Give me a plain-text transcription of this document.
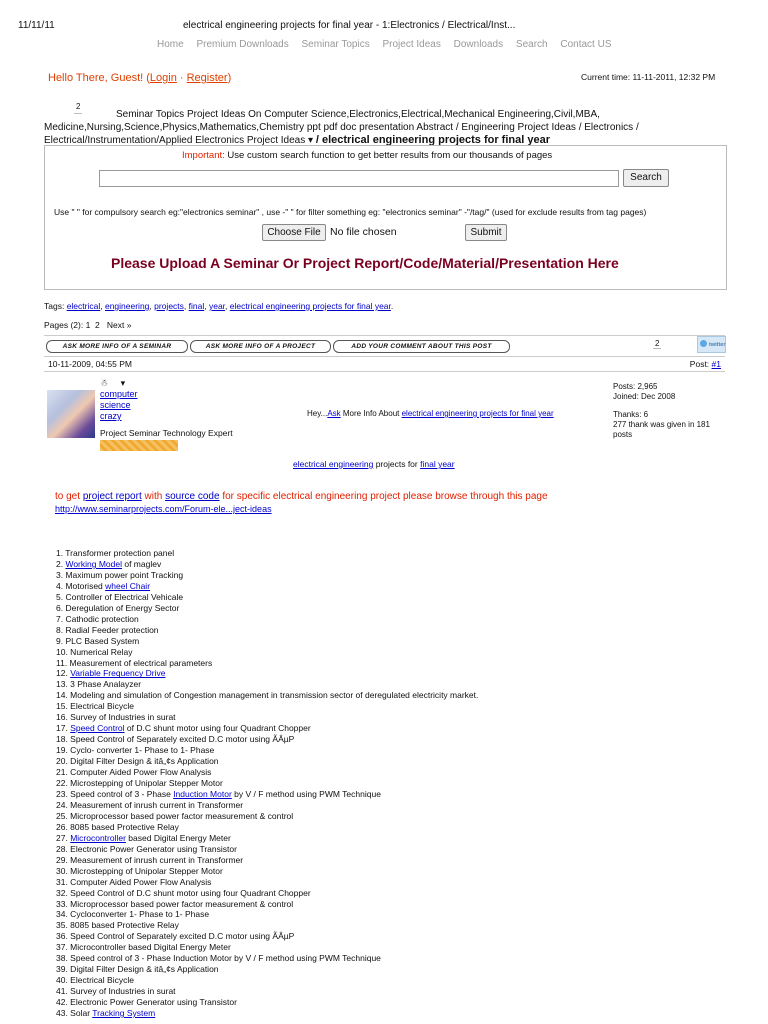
11/11/11	electrical engineering projects for final year - 1:Electronics / Electrical/Inst...
Home Premium Downloads Seminar Topics Project Ideas Downloads Search Contact US
Hello There, Guest! (Login · Register)	Current time: 11-11-2011, 12:32 PM
2
Seminar Topics Project Ideas On Computer Science,Electronics,Electrical,Mechanical Engineering,Civil,MBA, Medicine,Nursing,Science,Physics,Mathematics,Chemistry ppt pdf doc presentation Abstract / Engineering Project Ideas / Electronics / Electrical/Instrumentation/Applied Electronics Project Ideas ▾ / electrical engineering projects for final year
Important: Use custom search function to get better results from our thousands of pages
Search
Use " " for compulsory search eg:"electronics seminar" , use -" " for filter something eg: "electronics seminar" -"/tag/" (used for exclude results from tag pages)
Choose File No file chosen	Submit
Please Upload A Seminar Or Project Report/Code/Material/Presentation Here
Tags: electrical, engineering, projects, final, year, electrical engineering projects for final year.
Pages (2): 1 2 Next »
ASK MORE INFO OF A SEMINAR	ASK MORE INFO OF A PROJECT	ADD YOUR COMMENT ABOUT THIS POST	2	twitter
10-11-2009, 04:55 PM	Post: #1
☃ ▾
computer
science
crazy
Project Seminar Technology Expert
Hey...Ask More Info About electrical engineering projects for final year
Posts: 2,965
Joined: Dec 2008
Thanks: 6
277 thank was given in 181 posts
electrical engineering projects for final year
to get project report with source code for specific electrical engineering project please browse through this page
http://www.seminarprojects.com/Forum-ele...ject-ideas
1. Transformer protection panel
2. Working Model of maglev
3. Maximum power point Tracking
4. Motorised wheel Chair
5. Controller of Electrical Vehicale
6. Deregulation of Energy Sector
7. Cathodic protection
8. Radial Feeder protection
9. PLC Based System
10. Numerical Relay
11. Measurement of electrical parameters
12. Variable Frequency Drive
13. 3 Phase Analayzer
14. Modeling and simulation of Congestion management in transmission sector of deregulated electricity market.
15. Electrical Bicycle
16. Survey of Industries in surat
17. Speed Control of D.C shunt motor using four Quadrant Chopper
18. Speed Control of Separately excited D.C motor using ÃÂµP
19. Cyclo- converter 1- Phase to 1- Phase
20. Digital Filter Design & itâ„¢s Application
21. Computer Aided Power Flow Analysis
22. Microstepping of Unipolar Stepper Motor
23. Speed control of 3 - Phase Induction Motor by V / F method using PWM Technique
24. Measurement of inrush current in Transformer
25. Microprocessor based power factor measurement & control
26. 8085 based Protective Relay
27. Microcontroller based Digital Energy Meter
28. Electronic Power Generator using Transistor
29. Measurement of inrush current in Transformer
30. Microstepping of Unipolar Stepper Motor
31. Computer Aided Power Flow Analysis
32. Speed Control of D.C shunt motor using four Quadrant Chopper
33. Microprocessor based power factor measurement & control
34. Cycloconverter 1- Phase to 1- Phase
35. 8085 based Protective Relay
36. Speed Control of Separately excited D.C motor using ÃÂµP
37. Microcontroller based Digital Energy Meter
38. Speed control of 3 - Phase Induction Motor by V / F method using PWM Technique
39. Digital Filter Design & itâ„¢s Application
40. Electrical Bicycle
41. Survey of Industries in surat
42. Electronic Power Generator using Transistor
43. Solar Tracking System
